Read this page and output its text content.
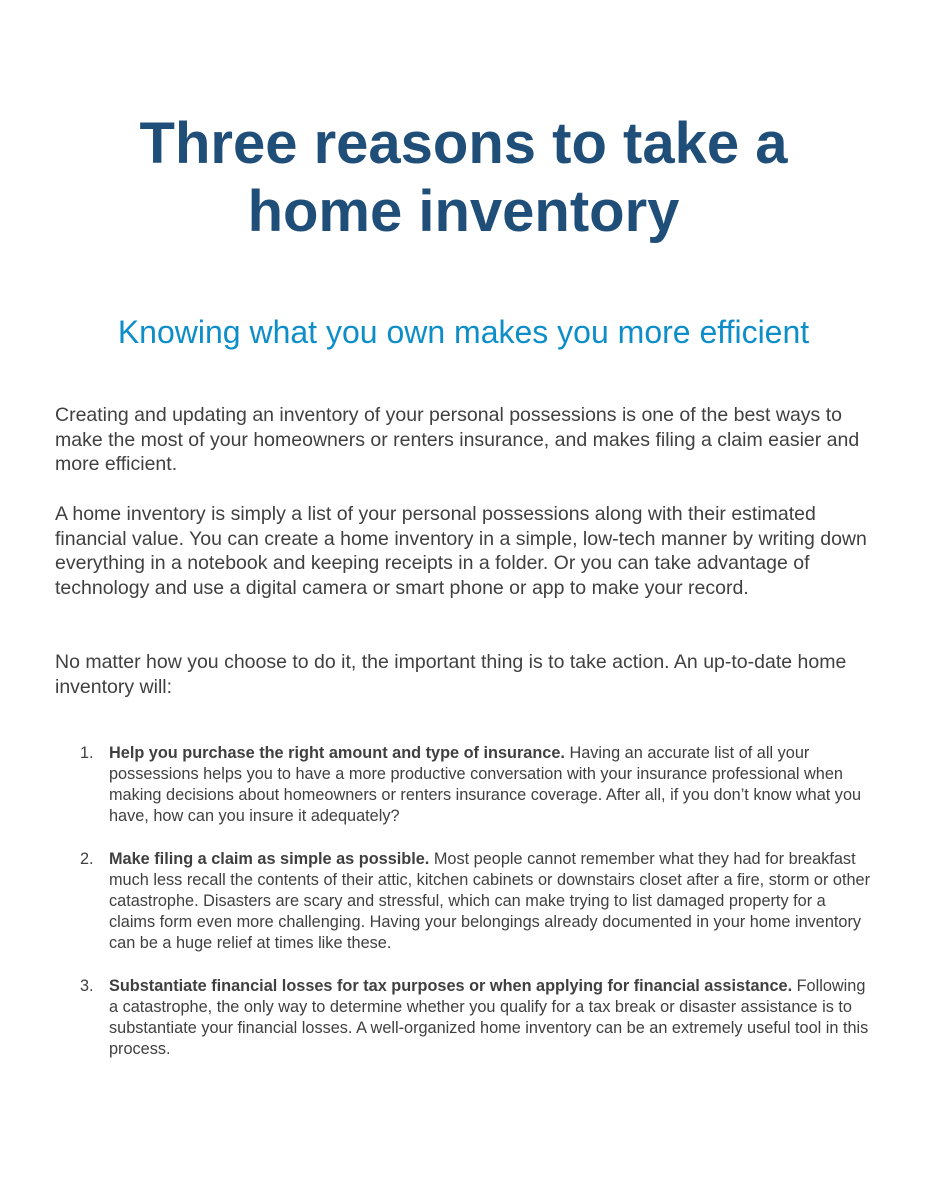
Three reasons to take a
home inventory
Knowing what you own makes you more efficient

Creating and updating an inventory of your personal possessions is one of the best ways to make the most of your homeowners or renters insurance, and makes filing a claim easier and more efficient.

A home inventory is simply a list of your personal possessions along with their estimated financial value. You can create a home inventory in a simple, low-tech manner by writing down everything in a notebook and keeping receipts in a folder. Or you can take advantage of technology and use a digital camera or smart phone or app to make your record.

No matter how you choose to do it, the important thing is to take action. An up-to-date home inventory will:

1. Help you purchase the right amount and type of insurance. Having an accurate list of all your possessions helps you to have a more productive conversation with your insurance professional when making decisions about homeowners or renters insurance coverage. After all, if you don’t know what you have, how can you insure it adequately?
2. Make filing a claim as simple as possible. Most people cannot remember what they had for breakfast much less recall the contents of their attic, kitchen cabinets or downstairs closet after a fire, storm or other catastrophe. Disasters are scary and stressful, which can make trying to list damaged property for a claims form even more challenging. Having your belongings already documented in your home inventory can be a huge relief at times like these.
3. Substantiate financial losses for tax purposes or when applying for financial assistance. Following a catastrophe, the only way to determine whether you qualify for a tax break or disaster assistance is to substantiate your financial losses. A well-organized home inventory can be an extremely useful tool in this process.
